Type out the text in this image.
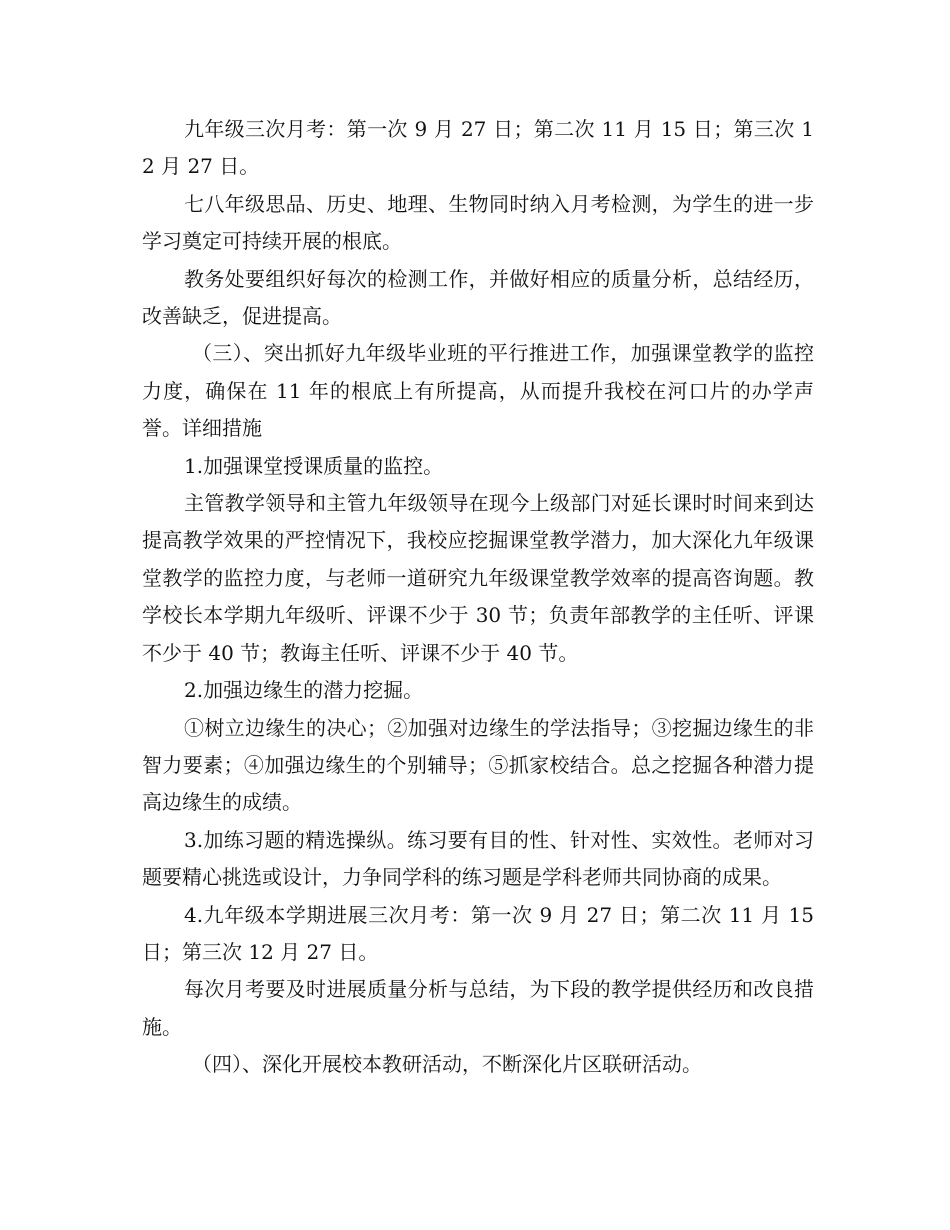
九年级三次月考：第一次 9 月 27 日；第二次 11 月 15 日；第三次 12 月 27 日。

七八年级思品、历史、地理、生物同时纳入月考检测，为学生的进一步学习奠定可持续开展的根底。

教务处要组织好每次的检测工作，并做好相应的质量分析，总结经历，改善缺乏，促进提高。

（三）、突出抓好九年级毕业班的平行推进工作，加强课堂教学的监控力度，确保在 11 年的根底上有所提高，从而提升我校在河口片的办学声誉。详细措施

1.加强课堂授课质量的监控。

主管教学领导和主管九年级领导在现今上级部门对延长课时时间来到达提高教学效果的严控情况下，我校应挖掘课堂教学潜力，加大深化九年级课堂教学的监控力度，与老师一道研究九年级课堂教学效率的提高咨询题。教学校长本学期九年级听、评课不少于 30 节；负责年部教学的主任听、评课不少于 40 节；教诲主任听、评课不少于 40 节。

2.加强边缘生的潜力挖掘。

①树立边缘生的决心；②加强对边缘生的学法指导；③挖掘边缘生的非智力要素；④加强边缘生的个别辅导；⑤抓家校结合。总之挖掘各种潜力提高边缘生的成绩。

3.加练习题的精选操纵。练习要有目的性、针对性、实效性。老师对习题要精心挑选或设计，力争同学科的练习题是学科老师共同协商的成果。

4.九年级本学期进展三次月考：第一次 9 月 27 日；第二次 11 月 15 日；第三次 12 月 27 日。

每次月考要及时进展质量分析与总结，为下段的教学提供经历和改良措施。

（四）、深化开展校本教研活动，不断深化片区联研活动。
